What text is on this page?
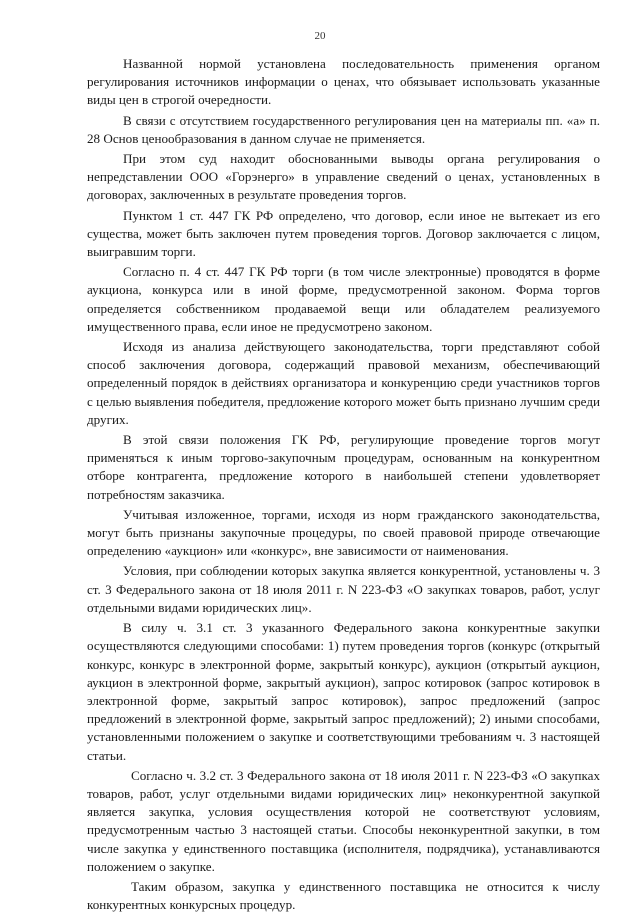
20

Названной нормой установлена последовательность применения органом регулирования источников информации о ценах, что обязывает использовать указанные виды цен в строгой очередности.

В связи с отсутствием государственного регулирования цен на материалы пп. «а» п. 28 Основ ценообразования в данном случае не применяется.

При этом суд находит обоснованными выводы органа регулирования о непредставлении ООО «Горэнерго» в управление сведений о ценах, установленных в договорах, заключенных в результате проведения торгов.

Пунктом 1 ст. 447 ГК РФ определено, что договор, если иное не вытекает из его существа, может быть заключен путем проведения торгов. Договор заключается с лицом, выигравшим торги.

Согласно п. 4 ст. 447 ГК РФ торги (в том числе электронные) проводятся в форме аукциона, конкурса или в иной форме, предусмотренной законом. Форма торгов определяется собственником продаваемой вещи или обладателем реализуемого имущественного права, если иное не предусмотрено законом.

Исходя из анализа действующего законодательства, торги представляют собой способ заключения договора, содержащий правовой механизм, обеспечивающий определенный порядок в действиях организатора и конкуренцию среди участников торгов с целью выявления победителя, предложение которого может быть признано лучшим среди других.

В этой связи положения ГК РФ, регулирующие проведение торгов могут применяться к иным торгово-закупочным процедурам, основанным на конкурентном отборе контрагента, предложение которого в наибольшей степени удовлетворяет потребностям заказчика.

Учитывая изложенное, торгами, исходя из норм гражданского законодательства, могут быть признаны закупочные процедуры, по своей правовой природе отвечающие определению «аукцион» или «конкурс», вне зависимости от наименования.

Условия, при соблюдении которых закупка является конкурентной, установлены ч. 3 ст. 3 Федерального закона от 18 июля 2011 г. N 223-ФЗ «О закупках товаров, работ, услуг отдельными видами юридических лиц».

В силу ч. 3.1 ст. 3 указанного Федерального закона конкурентные закупки осуществляются следующими способами: 1) путем проведения торгов (конкурс (открытый конкурс, конкурс в электронной форме, закрытый конкурс), аукцион (открытый аукцион, аукцион в электронной форме, закрытый аукцион), запрос котировок (запрос котировок в электронной форме, закрытый запрос котировок), запрос предложений (запрос предложений в электронной форме, закрытый запрос предложений); 2) иными способами, установленными положением о закупке и соответствующими требованиям ч. 3 настоящей статьи.

Согласно ч. 3.2 ст. 3 Федерального закона от 18 июля 2011 г. N 223-ФЗ «О закупках товаров, работ, услуг отдельными видами юридических лиц» неконкурентной закупкой является закупка, условия осуществления которой не соответствуют условиям, предусмотренным частью 3 настоящей статьи. Способы неконкурентной закупки, в том числе закупка у единственного поставщика (исполнителя, подрядчика), устанавливаются положением о закупке.

Таким образом, закупка у единственного поставщика не относится к числу конкурентных конкурсных процедур.
